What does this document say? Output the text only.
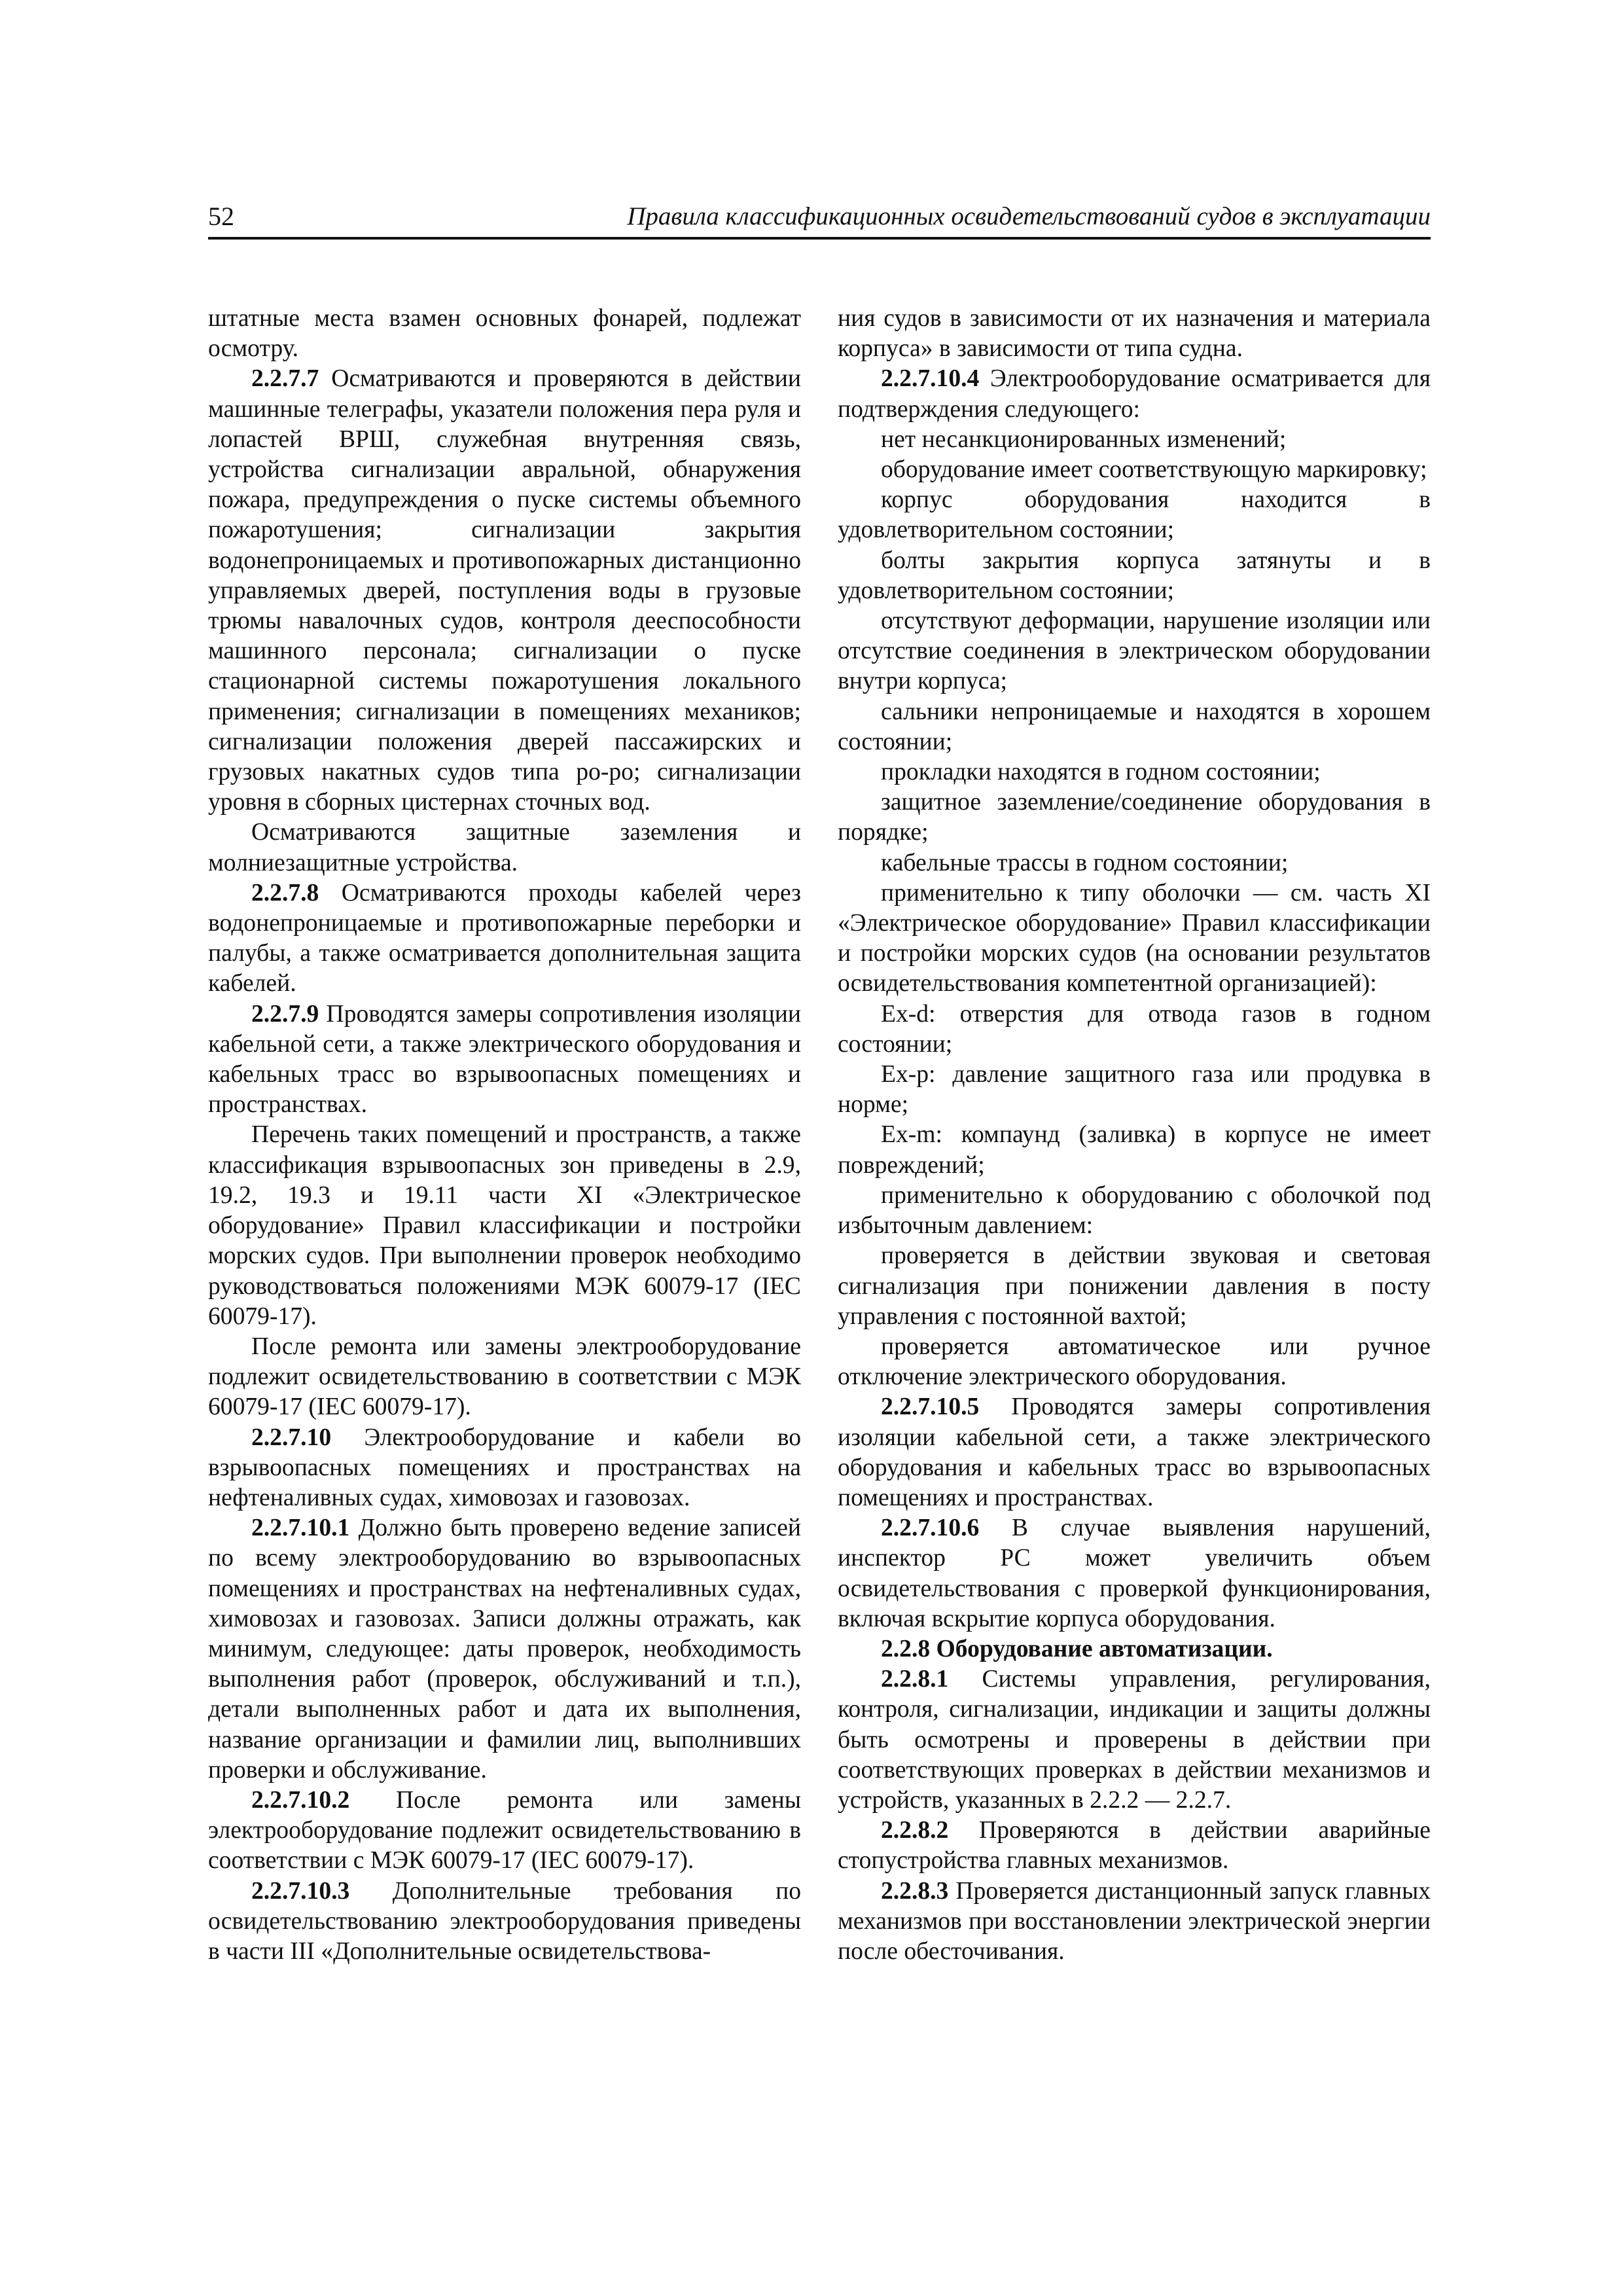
52	Правила классификационных освидетельствований судов в эксплуатации

штатные места взамен основных фонарей, подлежат осмотру.

2.2.7.7 Осматриваются и проверяются в действии машинные телеграфы, указатели положения пера руля и лопастей ВРШ, служебная внутренняя связь, устройства сигнализации авральной, обнаружения пожара, предупреждения о пуске системы объемного пожаротушения; сигнализации закрытия водонепроницаемых и противопожарных дистанционно управляемых дверей, поступления воды в грузовые трюмы навалочных судов, контроля дееспособности машинного персонала; сигнализации о пуске стационарной системы пожаротушения локального применения; сигнализации в помещениях механиков; сигнализации положения дверей пассажирских и грузовых накатных судов типа ро-ро; сигнализации уровня в сборных цистернах сточных вод.

Осматриваются защитные заземления и молниезащитные устройства.

2.2.7.8 Осматриваются проходы кабелей через водонепроницаемые и противопожарные переборки и палубы, а также осматривается дополнительная защита кабелей.

2.2.7.9 Проводятся замеры сопротивления изоляции кабельной сети, а также электрического оборудования и кабельных трасс во взрывоопасных помещениях и пространствах.

Перечень таких помещений и пространств, а также классификация взрывоопасных зон приведены в 2.9, 19.2, 19.3 и 19.11 части XI «Электрическое оборудование» Правил классификации и постройки морских судов. При выполнении проверок необходимо руководствоваться положениями МЭК 60079-17 (IEC 60079-17).

После ремонта или замены электрооборудование подлежит освидетельствованию в соответствии с МЭК 60079-17 (IEC 60079-17).

2.2.7.10 Электрооборудование и кабели во взрывоопасных помещениях и пространствах на нефтеналивных судах, химовозах и газовозах.

2.2.7.10.1 Должно быть проверено ведение записей по всему электрооборудованию во взрывоопасных помещениях и пространствах на нефтеналивных судах, химовозах и газовозах. Записи должны отражать, как минимум, следующее: даты проверок, необходимость выполнения работ (проверок, обслуживаний и т.п.), детали выполненных работ и дата их выполнения, название организации и фамилии лиц, выполнивших проверки и обслуживание.

2.2.7.10.2 После ремонта или замены электрооборудование подлежит освидетельствованию в соответствии с МЭК 60079-17 (IEC 60079-17).

2.2.7.10.3 Дополнительные требования по освидетельствованию электрооборудования приведены в части III «Дополнительные освидетельствова-

ния судов в зависимости от их назначения и материала корпуса» в зависимости от типа судна.

2.2.7.10.4 Электрооборудование осматривается для подтверждения следующего:

нет несанкционированных изменений;

оборудование имеет соответствующую маркировку;

корпус оборудования находится в удовлетворительном состоянии;

болты закрытия корпуса затянуты и в удовлетворительном состоянии;

отсутствуют деформации, нарушение изоляции или отсутствие соединения в электрическом оборудовании внутри корпуса;

сальники непроницаемые и находятся в хорошем состоянии;

прокладки находятся в годном состоянии;

защитное заземление/соединение оборудования в порядке;

кабельные трассы в годном состоянии;

применительно к типу оболочки — см. часть XI «Электрическое оборудование» Правил классификации и постройки морских судов (на основании результатов освидетельствования компетентной организацией):

Ex-d: отверстия для отвода газов в годном состоянии;

Ex-p: давление защитного газа или продувка в норме;

Ex-m: компаунд (заливка) в корпусе не имеет повреждений;

применительно к оборудованию с оболочкой под избыточным давлением:

проверяется в действии звуковая и световая сигнализация при понижении давления в посту управления с постоянной вахтой;

проверяется автоматическое или ручное отключение электрического оборудования.

2.2.7.10.5 Проводятся замеры сопротивления изоляции кабельной сети, а также электрического оборудования и кабельных трасс во взрывоопасных помещениях и пространствах.

2.2.7.10.6 В случае выявления нарушений, инспектор РС может увеличить объем освидетельствования с проверкой функционирования, включая вскрытие корпуса оборудования.

2.2.8 Оборудование автоматизации.

2.2.8.1 Системы управления, регулирования, контроля, сигнализации, индикации и защиты должны быть осмотрены и проверены в действии при соответствующих проверках в действии механизмов и устройств, указанных в 2.2.2 — 2.2.7.

2.2.8.2 Проверяются в действии аварийные стопустройства главных механизмов.

2.2.8.3 Проверяется дистанционный запуск главных механизмов при восстановлении электрической энергии после обесточивания.
